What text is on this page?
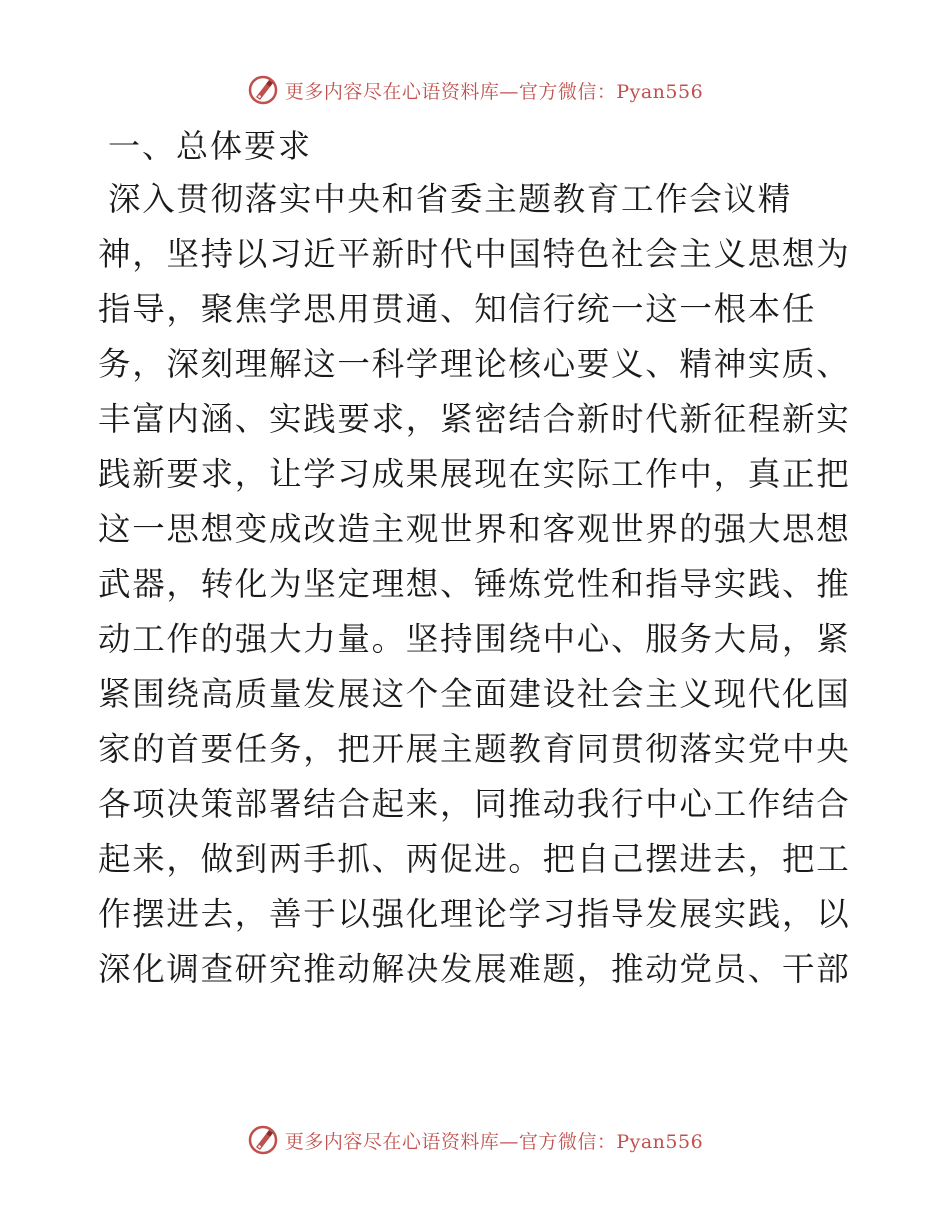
更多内容尽在心语资料库—官方微信：Pyan556
一、总体要求
深入贯彻落实中央和省委主题教育工作会议精
神，坚持以习近平新时代中国特色社会主义思想为
指导，聚焦学思用贯通、知信行统一这一根本任
务，深刻理解这一科学理论核心要义、精神实质、
丰富内涵、实践要求，紧密结合新时代新征程新实
践新要求，让学习成果展现在实际工作中，真正把
这一思想变成改造主观世界和客观世界的强大思想
武器，转化为坚定理想、锤炼党性和指导实践、推
动工作的强大力量。坚持围绕中心、服务大局，紧
紧围绕高质量发展这个全面建设社会主义现代化国
家的首要任务，把开展主题教育同贯彻落实党中央
各项决策部署结合起来，同推动我行中心工作结合
起来，做到两手抓、两促进。把自己摆进去，把工
作摆进去，善于以强化理论学习指导发展实践，以
深化调查研究推动解决发展难题，推动党员、干部
更多内容尽在心语资料库—官方微信：Pyan556
